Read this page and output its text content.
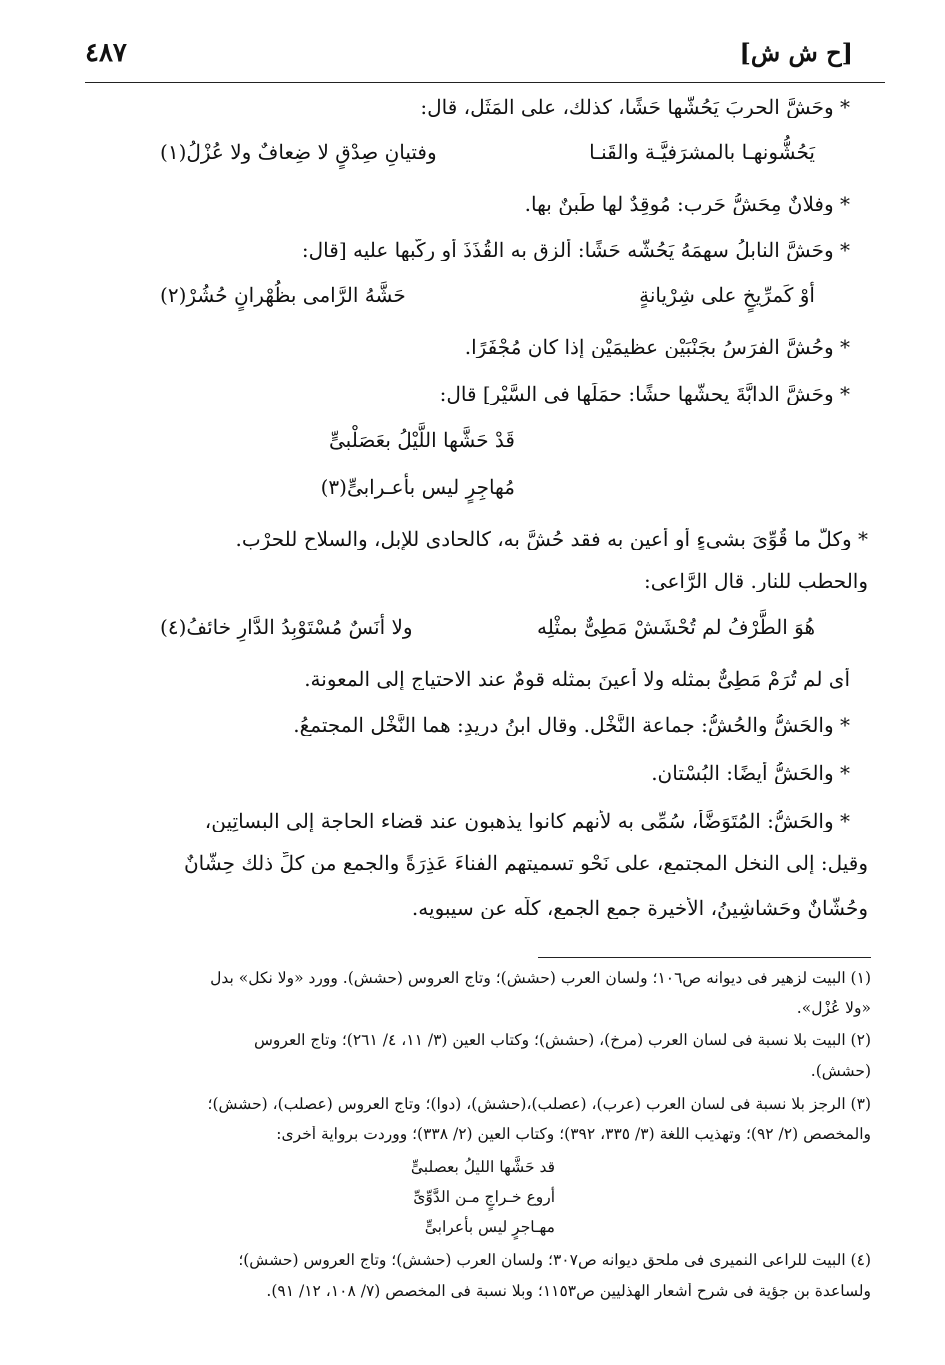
٤٨٧	[ح ش ش]
* وحَشَّ الحربَ يَحُشُّها حَشًا، كذلك، على المَثَلِ، قال:
يَحُشُّونهـا بالمشرَفيَّـة والقَنـا
وفتيانِ صِدْقٍ لا ضِعافٌ ولا عُزْلُ(١)
* وفلانٌ مِحَشُّ حَربٍ: مُوقِدٌ لها طَبِنٌ بها.
* وحَشَّ النابلُ سهمَهُ يَحُشُّه حَشًا: ألزق به القُذَذَ أو ركَّبها عليه [قال:
أوْ كَمرِّيخٍ على شِرْيانةٍ
حَشَّهُ الرَّامى بظُهْرانٍ حُشُرْ(٢)
* وحُشَّ الفرَسُ بجَنْبَيْنِ عظيمَيْنِ إذا كان مُجْفَرًا.
* وحَشَّ الدابَّةَ يحشُّها حشًا: حمَلَها فى السَّيْر] قال:
قَدْ حَشَّها اللَّيْلُ بعَصَلْبىٍّ
مُهاجِرٍ ليس بأعـرابىٍّ(٣)
* وكلُّ ما قُوِّىَ بشىءٍ أو أُعين به فقد حُشَّ به، كالحادى للإبل، والسلاحِ للحرْب.
والحطبِ للنار. قال الرَّاعى:
هُوَ الطَّرْفُ لم تُحْشَشْ مَطِىٌّ بمثْلِه
ولا أنَسٌ مُسْتَوْبِدُ الدَّارِ خائفُ(٤)
أى لم تُرَمْ مَطِىٌّ بمثله ولا أُعينَ بمثله قومٌ عند الاحتياج إلى المعونة.
* والحَشُّ والحُشُّ: جماعة النَّخْلِ. وقال ابنُ دريدٍ: هما النَّخْلِ المجتمعُ.
* والحَشُّ أيضًا: البُسْتان.
* والحَشُّ: المُتَوَضَّأ، سُمِّى به لأنهم كانوا يذهبون عند قضاء الحاجة إلى البساتِين،
وقيل: إلى النخل المجتمع، على نَحْوِ تسميتهم الفناءَ عَذِرَةً والجمع من كلِّ ذلك حِشَّانٌ
وحُشَّانٌ وحَشاشِينُ، الأخيرة جمع الجمعِ، كلُّه عن سيبويه.
(١) البيت لزهير فى ديوانه ص١٠٦؛ ولسان العرب (حشش)؛ وتاج العروس (حشش). وورد «ولا نكل» بدل
«ولا عُزْل».
(٢) البيت بلا نسبة فى لسان العرب (مرخ)، (حشش)؛ وكتاب العين (٣/ ١١، ٤/ ٢٦١)؛ وتاج العروس
(حشش).
(٣) الرجز بلا نسبة فى لسان العرب (عرب)، (عصلب)،(حشش)، (دوا)؛ وتاج العروس (عصلب)، (حشش)؛
والمخصص (٢/ ٩٢)؛ وتهذيب اللغة (٣/ ٣٣٥، ٣٩٢)؛ وكتاب العين (٢/ ٣٣٨)؛ ووردت برواية أخرى:
قد حَشَّها الليلُ بعصلبىٍّ
أروع خـراجٍ مـن الدَّوِّىِّ
مهـاجرٍ ليس بأعرابىٍّ
(٤) البيت للراعى النميرى فى ملحق ديوانه ص٣٠٧؛ ولسان العرب (حشش)؛ وتاج العروس (حشش)؛
ولساعدة بن جؤية فى شرح أشعار الهذليين ص١١٥٣؛ وبلا نسبة فى المخصص (٧/ ١٠٨، ١٢/ ٩١).
